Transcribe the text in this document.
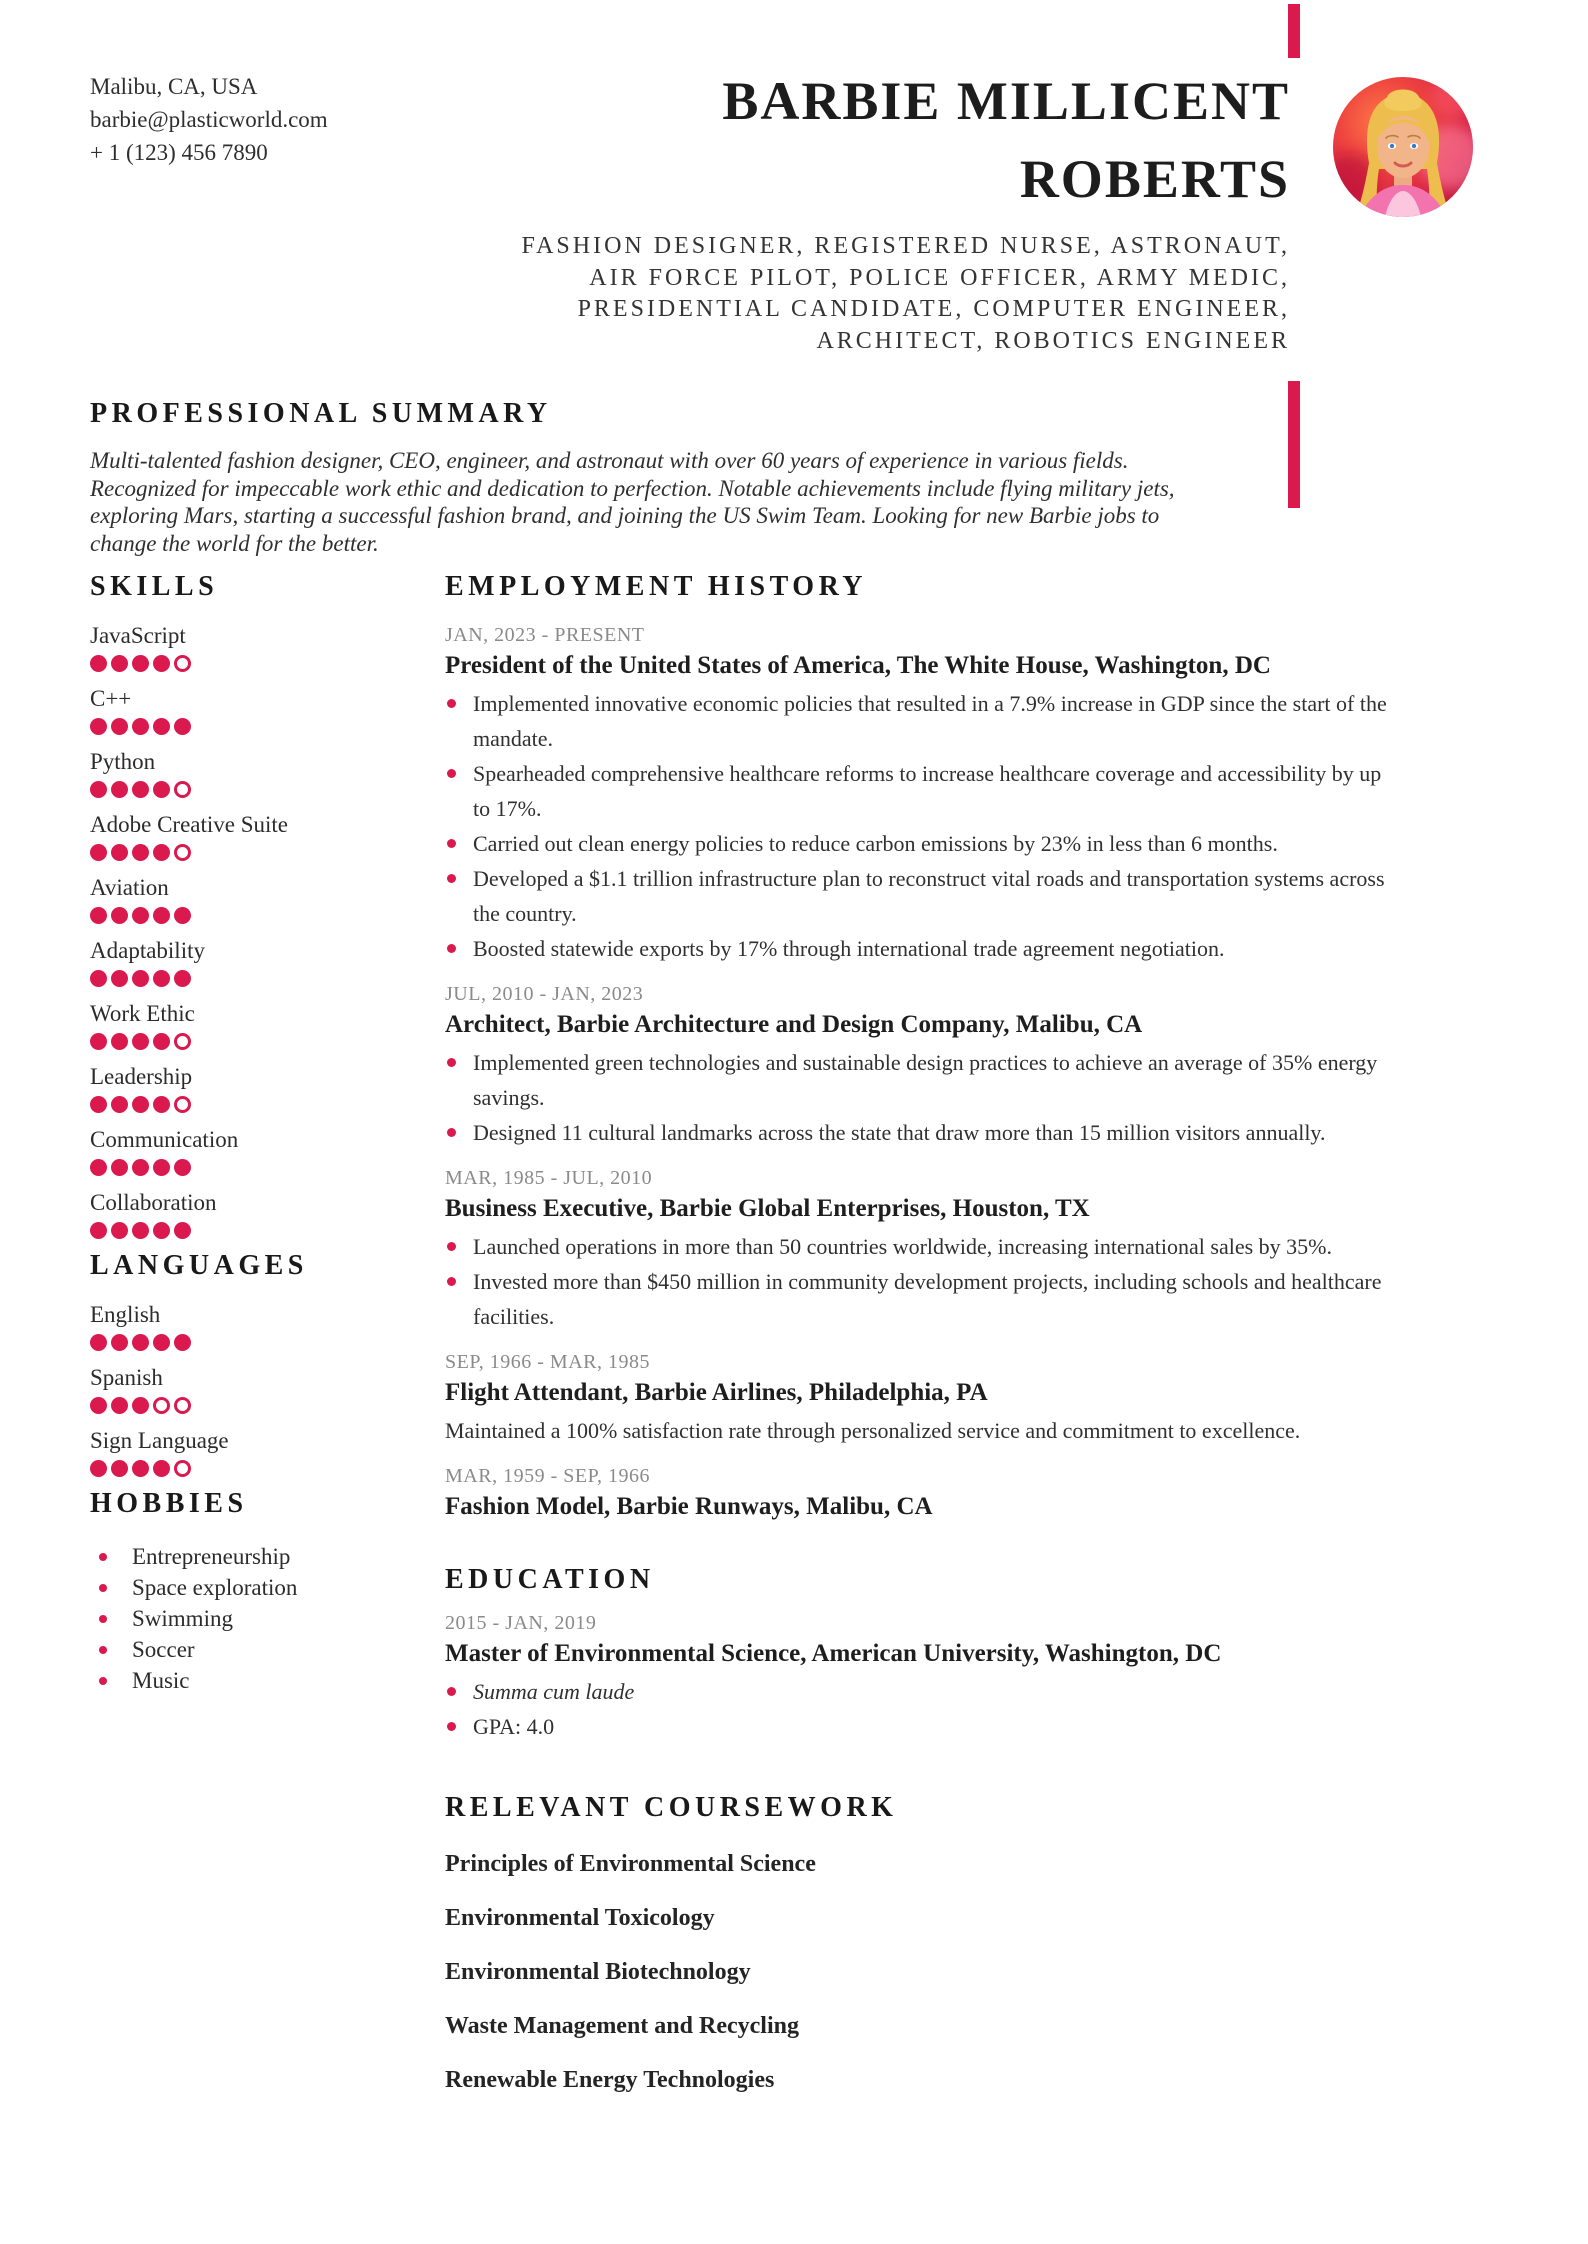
Malibu, CA, USA
barbie@plasticworld.com
+ 1 (123) 456 7890
BARBIE MILLICENT
ROBERTS
FASHION DESIGNER, REGISTERED NURSE, ASTRONAUT,
AIR FORCE PILOT, POLICE OFFICER, ARMY MEDIC,
PRESIDENTIAL CANDIDATE, COMPUTER ENGINEER,
ARCHITECT, ROBOTICS ENGINEER
PROFESSIONAL SUMMARY

Multi-talented fashion designer, CEO, engineer, and astronaut with over 60 years of experience in various fields. Recognized for impeccable work ethic and dedication to perfection. Notable achievements include flying military jets, exploring Mars, starting a successful fashion brand, and joining the US Swim Team. Looking for new Barbie jobs to change the world for the better.

SKILLS
JavaScript
C++
Python
Adobe Creative Suite
Aviation
Adaptability
Work Ethic
Leadership
Communication
Collaboration
LANGUAGES
English
Spanish
Sign Language
HOBBIES
Entrepreneurship
Space exploration
Swimming
Soccer
Music
EMPLOYMENT HISTORY
JAN, 2023 - PRESENT
President of the United States of America, The White House, Washington, DC
Implemented innovative economic policies that resulted in a 7.9% increase in GDP since the start of the mandate.
Spearheaded comprehensive healthcare reforms to increase healthcare coverage and accessibility by up to 17%.
Carried out clean energy policies to reduce carbon emissions by 23% in less than 6 months.
Developed a $1.1 trillion infrastructure plan to reconstruct vital roads and transportation systems across the country.
Boosted statewide exports by 17% through international trade agreement negotiation.
JUL, 2010 - JAN, 2023
Architect, Barbie Architecture and Design Company, Malibu, CA
Implemented green technologies and sustainable design practices to achieve an average of 35% energy savings.
Designed 11 cultural landmarks across the state that draw more than 15 million visitors annually.
MAR, 1985 - JUL, 2010
Business Executive, Barbie Global Enterprises, Houston, TX
Launched operations in more than 50 countries worldwide, increasing international sales by 35%.
Invested more than $450 million in community development projects, including schools and healthcare facilities.
SEP, 1966 - MAR, 1985
Flight Attendant, Barbie Airlines, Philadelphia, PA
Maintained a 100% satisfaction rate through personalized service and commitment to excellence.
MAR, 1959 - SEP, 1966
Fashion Model, Barbie Runways, Malibu, CA
EDUCATION
2015 - JAN, 2019
Master of Environmental Science, American University, Washington, DC
Summa cum laude
GPA: 4.0
RELEVANT COURSEWORK
Principles of Environmental Science
Environmental Toxicology
Environmental Biotechnology
Waste Management and Recycling
Renewable Energy Technologies
